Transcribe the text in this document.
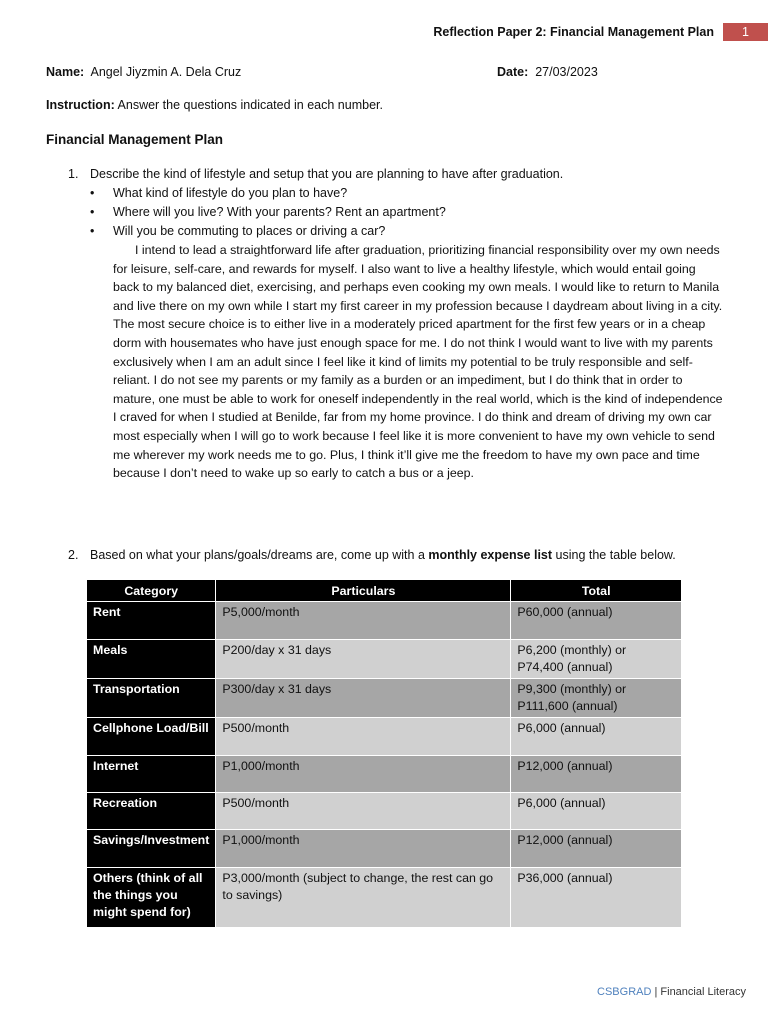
Reflection Paper 2: Financial Management Plan	1
Name: Angel Jiyzmin A. Dela Cruz	Date: 27/03/2023
Instruction: Answer the questions indicated in each number.
Financial Management Plan
1. Describe the kind of lifestyle and setup that you are planning to have after graduation.
•	What kind of lifestyle do you plan to have?
•	Where will you live? With your parents? Rent an apartment?
•	Will you be commuting to places or driving a car?

I intend to lead a straightforward life after graduation, prioritizing financial responsibility over my own needs for leisure, self-care, and rewards for myself. I also want to live a healthy lifestyle, which would entail going back to my balanced diet, exercising, and perhaps even cooking my own meals. I would like to return to Manila and live there on my own while I start my first career in my profession because I daydream about living in a city. The most secure choice is to either live in a moderately priced apartment for the first few years or in a cheap dorm with housemates who have just enough space for me. I do not think I would want to live with my parents exclusively when I am an adult since I feel like it kind of limits my potential to be truly responsible and self-reliant. I do not see my parents or my family as a burden or an impediment, but I do think that in order to mature, one must be able to work for oneself independently in the real world, which is the kind of independence I craved for when I studied at Benilde, far from my home province. I do think and dream of driving my own car most especially when I will go to work because I feel like it is more convenient to have my own vehicle to send me wherever my work needs me to go. Plus, I think it’ll give me the freedom to have my own pace and time because I don’t need to wake up so early to catch a bus or a jeep.

2. Based on what your plans/goals/dreams are, come up with a monthly expense list using the table below.
Category	Particulars	Total
Rent	P5,000/month	P60,000 (annual)
Meals	P200/day x 31 days	P6,200 (monthly) or P74,400 (annual)
Transportation	P300/day x 31 days	P9,300 (monthly) or P111,600 (annual)
Cellphone Load/Bill	P500/month	P6,000 (annual)
Internet	P1,000/month	P12,000 (annual)
Recreation	P500/month	P6,000 (annual)
Savings/Investment	P1,000/month	P12,000 (annual)
Others (think of all the things you might spend for)	P3,000/month (subject to change, the rest can go to savings)	P36,000 (annual)
CSBGRAD | Financial Literacy
